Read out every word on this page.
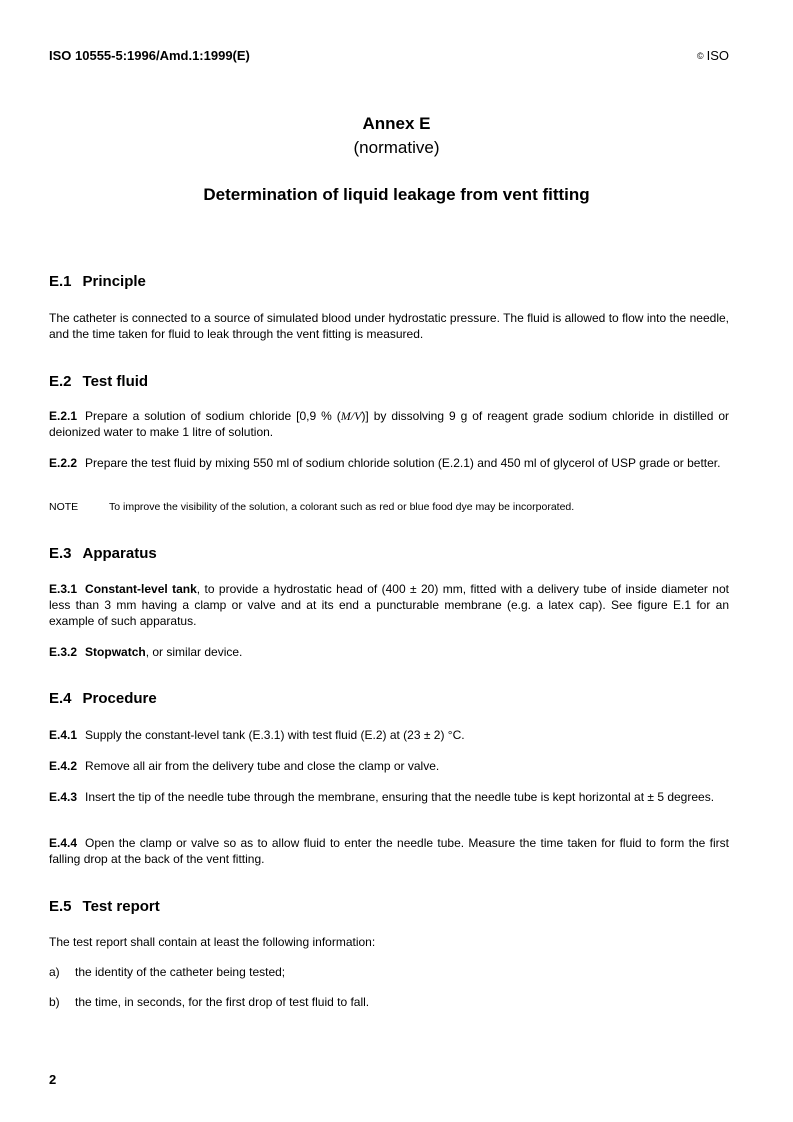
ISO 10555-5:1996/Amd.1:1999(E)	© ISO
Annex E
(normative)
Determination of liquid leakage from vent fitting
E.1 Principle

The catheter is connected to a source of simulated blood under hydrostatic pressure. The fluid is allowed to flow into the needle, and the time taken for fluid to leak through the vent fitting is measured.

E.2 Test fluid

E.2.1 Prepare a solution of sodium chloride [0,9 % (M/V)] by dissolving 9 g of reagent grade sodium chloride in distilled or deionized water to make 1 litre of solution.

E.2.2 Prepare the test fluid by mixing 550 ml of sodium chloride solution (E.2.1) and 450 ml of glycerol of USP grade or better.

NOTE	To improve the visibility of the solution, a colorant such as red or blue food dye may be incorporated.
E.3 Apparatus

E.3.1 Constant-level tank, to provide a hydrostatic head of (400 ± 20) mm, fitted with a delivery tube of inside diameter not less than 3 mm having a clamp or valve and at its end a puncturable membrane (e.g. a latex cap). See figure E.1 for an example of such apparatus.

E.3.2 Stopwatch, or similar device.

E.4 Procedure

E.4.1 Supply the constant-level tank (E.3.1) with test fluid (E.2) at (23 ± 2) °C.

E.4.2 Remove all air from the delivery tube and close the clamp or valve.

E.4.3 Insert the tip of the needle tube through the membrane, ensuring that the needle tube is kept horizontal at ± 5 degrees.

E.4.4 Open the clamp or valve so as to allow fluid to enter the needle tube. Measure the time taken for fluid to form the first falling drop at the back of the vent fitting.

E.5 Test report

The test report shall contain at least the following information:

a) the identity of the catheter being tested;
b) the time, in seconds, for the first drop of test fluid to fall.
2
